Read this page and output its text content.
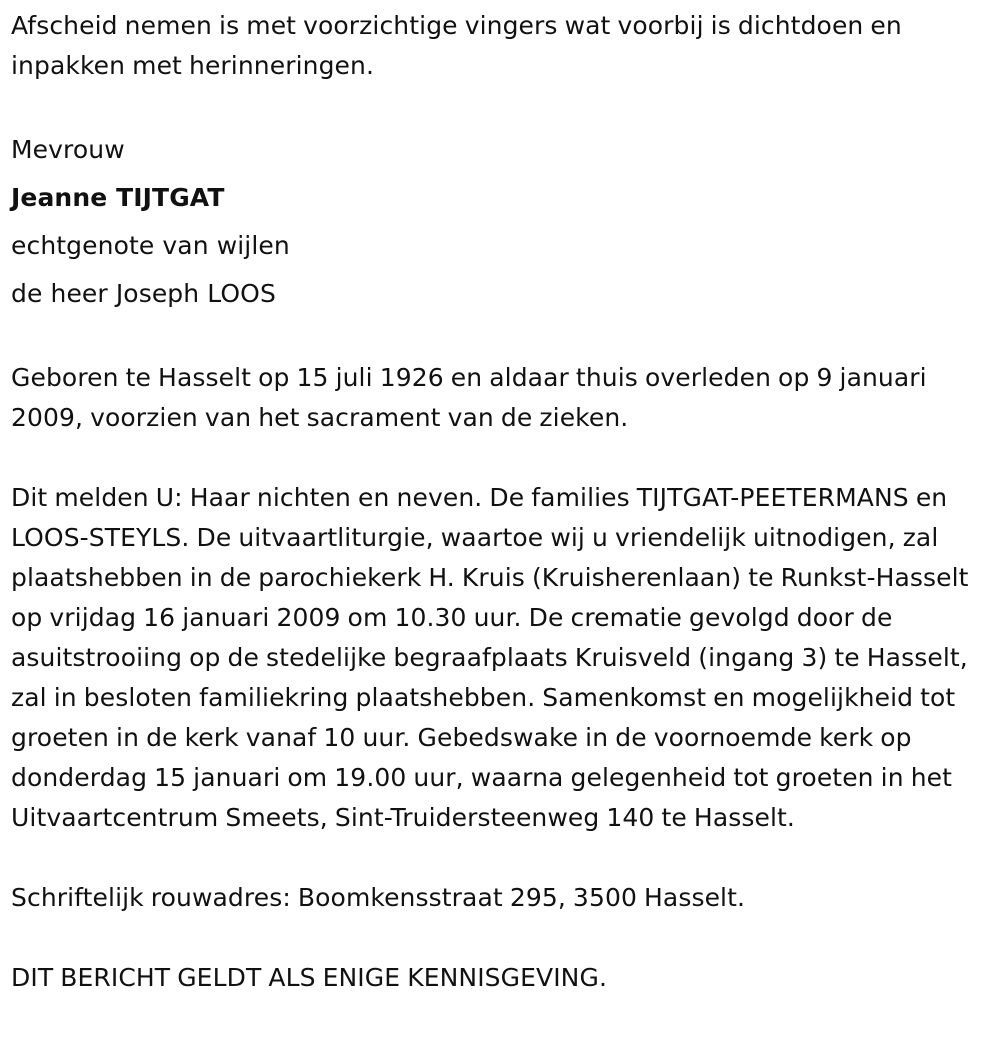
Afscheid nemen is met voorzichtige vingers wat voorbij is dichtdoen en inpakken met herinneringen.

Mevrouw
Jeanne TIJTGAT
echtgenote van wijlen
de heer Joseph LOOS

Geboren te Hasselt op 15 juli 1926 en aldaar thuis overleden op 9 januari 2009, voorzien van het sacrament van de zieken.

Dit melden U: Haar nichten en neven. De families TIJTGAT-PEETERMANS en LOOS-STEYLS. De uitvaartliturgie, waartoe wij u vriendelijk uitnodigen, zal plaatshebben in de parochiekerk H. Kruis (Kruisherenlaan) te Runkst-Hasselt op vrijdag 16 januari 2009 om 10.30 uur. De crematie gevolgd door de asuitstrooiing op de stedelijke begraafplaats Kruisveld (ingang 3) te Hasselt, zal in besloten familiekring plaatshebben. Samenkomst en mogelijkheid tot groeten in de kerk vanaf 10 uur. Gebedswake in de voornoemde kerk op donderdag 15 januari om 19.00 uur, waarna gelegenheid tot groeten in het Uitvaartcentrum Smeets, Sint-Truidersteenweg 140 te Hasselt.

Schriftelijk rouwadres: Boomkensstraat 295, 3500 Hasselt.

DIT BERICHT GELDT ALS ENIGE KENNISGEVING.
